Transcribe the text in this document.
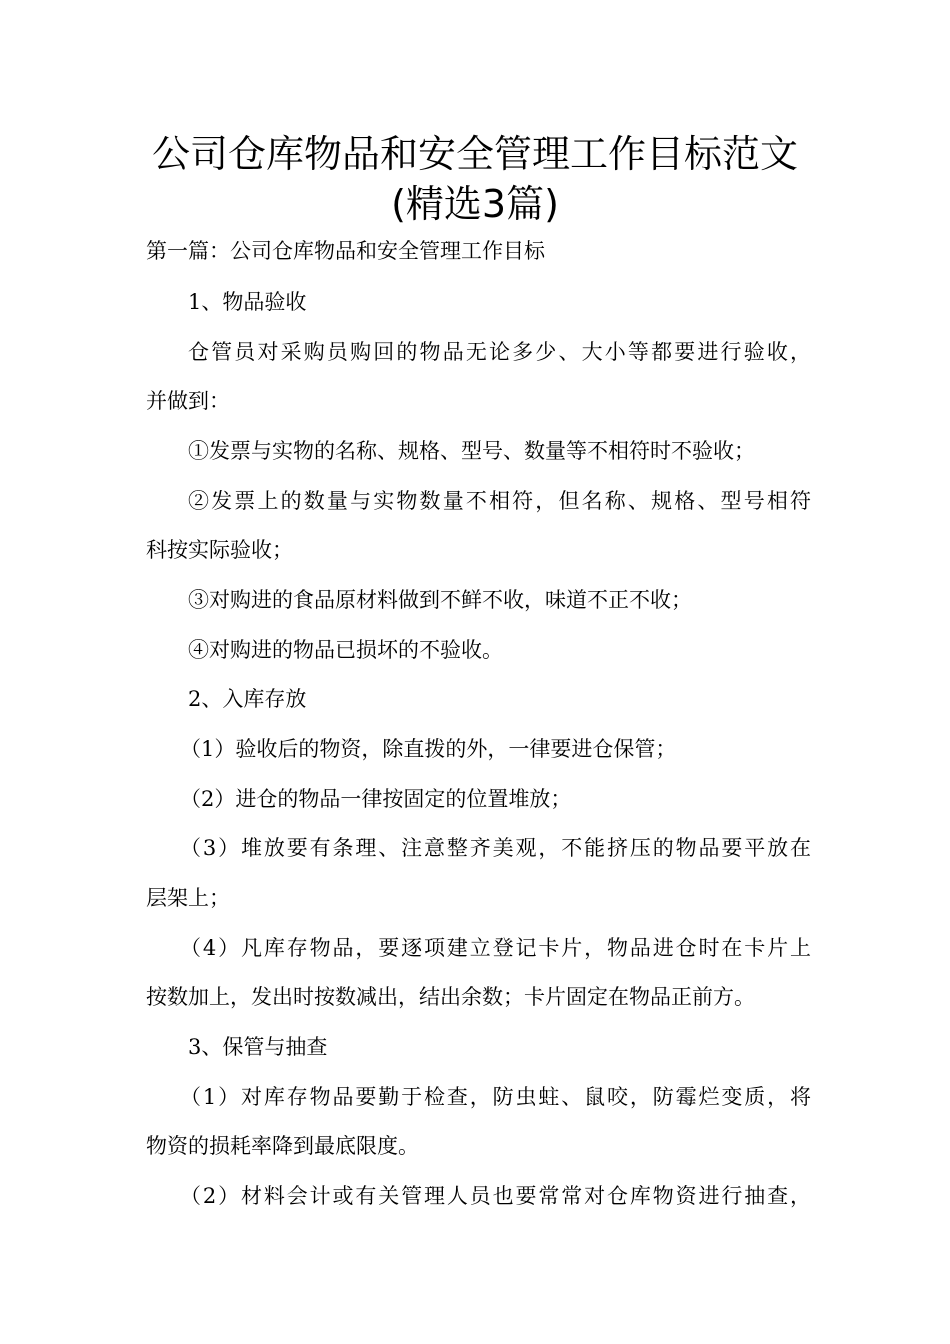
公司仓库物品和安全管理工作目标范文
(精选3篇)
第一篇：公司仓库物品和安全管理工作目标
1、物品验收
仓管员对采购员购回的物品无论多少、大小等都要进行验收，
并做到：
①发票与实物的名称、规格、型号、数量等不相符时不验收；
②发票上的数量与实物数量不相符，但名称、规格、型号相符
科按实际验收；
③对购进的食品原材料做到不鲜不收，味道不正不收；
④对购进的物品已损坏的不验收。
2、入库存放
（1）验收后的物资，除直拨的外，一律要进仓保管；
（2）进仓的物品一律按固定的位置堆放；
（3）堆放要有条理、注意整齐美观，不能挤压的物品要平放在
层架上；
（4）凡库存物品，要逐项建立登记卡片，物品进仓时在卡片上
按数加上，发出时按数减出，结出余数；卡片固定在物品正前方。
3、保管与抽查
（1）对库存物品要勤于检查，防虫蛀、鼠咬，防霉烂变质，将
物资的损耗率降到最底限度。
（2）材料会计或有关管理人员也要常常对仓库物资进行抽查，
